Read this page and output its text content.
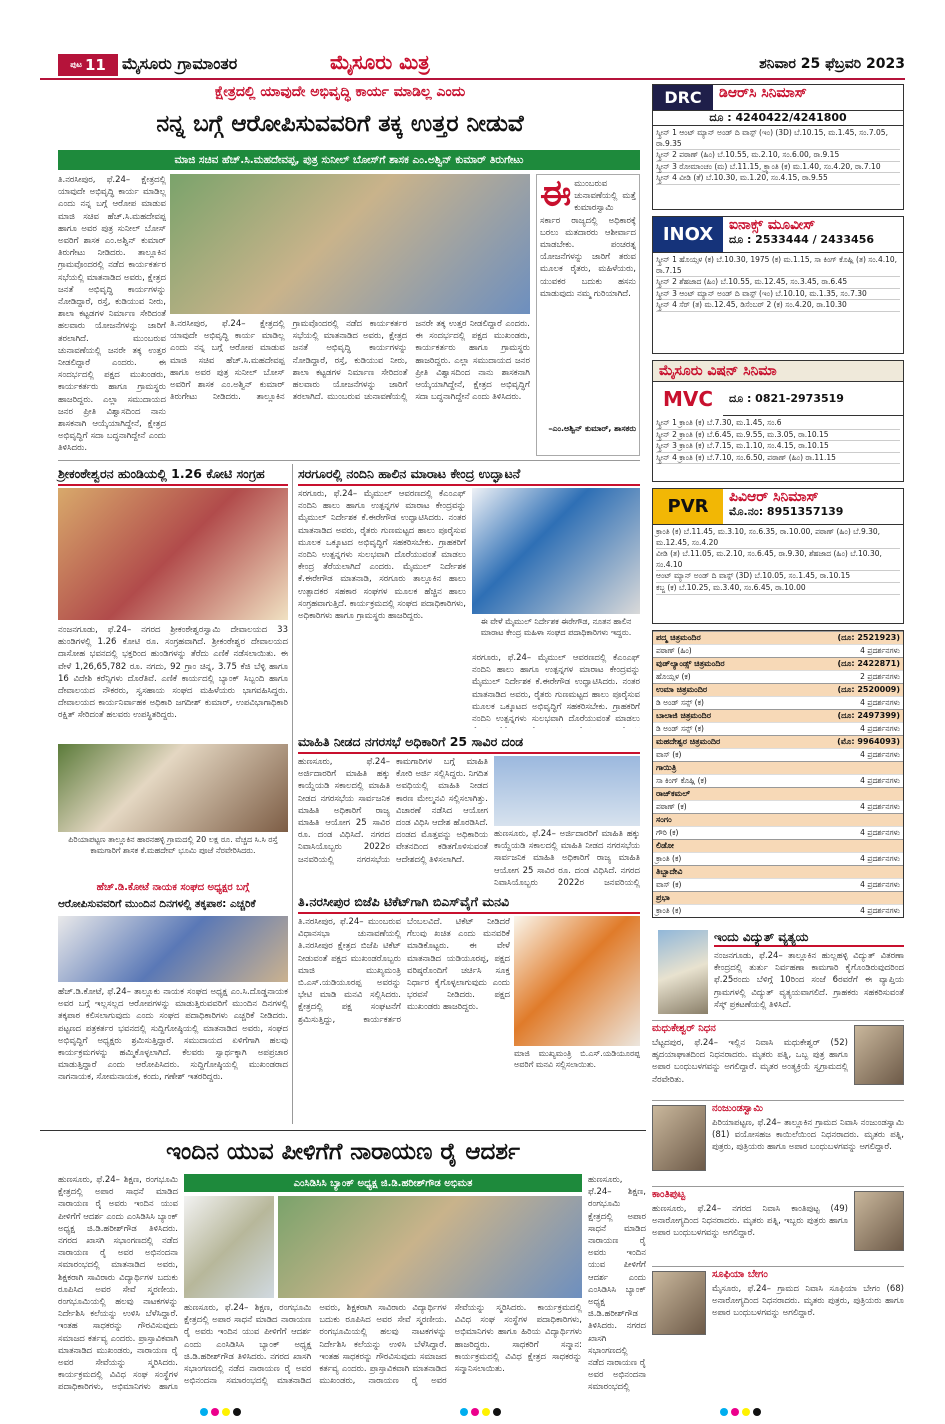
ಪುಟ 11 ಮೈಸೂರು ಗ್ರಾಮಾಂತರ	ಮೈಸೂರು ಮಿತ್ರ	ಶನಿವಾರ 25 ಫೆಬ್ರವರಿ 2023
ಕ್ಷೇತ್ರದಲ್ಲಿ ಯಾವುದೇ ಅಭಿವೃದ್ಧಿ ಕಾರ್ಯ ಮಾಡಿಲ್ಲ ಎಂದು
ನನ್ನ ಬಗ್ಗೆ ಆರೋಪಿಸುವವರಿಗೆ ತಕ್ಕ ಉತ್ತರ ನೀಡುವೆ
ಮಾಜಿ ಸಚಿವ ಹೆಚ್.ಸಿ.ಮಹದೇವಪ್ಪ, ಪುತ್ರ ಸುನೀಲ್ ಬೋಸ್‌ಗೆ ಶಾಸಕ ಎಂ.ಅಶ್ವಿನ್ ಕುಮಾರ್ ತಿರುಗೇಟು
ತಿ.ನರಸೀಪುರ, ಫೆ.24– ಕ್ಷೇತ್ರದಲ್ಲಿ ಯಾವುದೇ ಅಭಿವೃದ್ಧಿ ಕಾರ್ಯ ಮಾಡಿಲ್ಲ ಎಂದು ನನ್ನ ಬಗ್ಗೆ ಆರೋಪ ಮಾಡುವ ಮಾಜಿ ಸಚಿವ ಹೆಚ್.ಸಿ.ಮಹದೇವಪ್ಪ ಹಾಗೂ ಅವರ ಪುತ್ರ ಸುನೀಲ್ ಬೋಸ್ ಅವರಿಗೆ ಶಾಸಕ ಎಂ.ಅಶ್ವಿನ್ ಕುಮಾರ್ ತಿರುಗೇಟು ನೀಡಿದರು. ತಾಲ್ಲೂಕಿನ ಗ್ರಾಮವೊಂದರಲ್ಲಿ ನಡೆದ ಕಾರ್ಯಕರ್ತರ ಸಭೆಯಲ್ಲಿ ಮಾತನಾಡಿದ ಅವರು, ಕ್ಷೇತ್ರದ ಜನತೆ ಅಭಿವೃದ್ಧಿ ಕಾರ್ಯಗಳನ್ನು ನೋಡಿದ್ದಾರೆ, ರಸ್ತೆ, ಕುಡಿಯುವ ನೀರು, ಶಾಲಾ ಕಟ್ಟಡಗಳ ನಿರ್ಮಾಣ ಸೇರಿದಂತೆ ಹಲವಾರು ಯೋಜನೆಗಳನ್ನು ಜಾರಿಗೆ ತರಲಾಗಿದೆ. ಮುಂಬರುವ ಚುನಾವಣೆಯಲ್ಲಿ ಜನರೇ ತಕ್ಕ ಉತ್ತರ ನೀಡಲಿದ್ದಾರೆ ಎಂದರು. ಈ ಸಂದರ್ಭದಲ್ಲಿ ಪಕ್ಷದ ಮುಖಂಡರು, ಕಾರ್ಯಕರ್ತರು ಹಾಗೂ ಗ್ರಾಮಸ್ಥರು ಹಾಜರಿದ್ದರು. ಎಲ್ಲಾ ಸಮುದಾಯದ ಜನರ ಪ್ರೀತಿ ವಿಶ್ವಾಸದಿಂದ ನಾನು ಶಾಸಕನಾಗಿ ಆಯ್ಕೆಯಾಗಿದ್ದೇನೆ, ಕ್ಷೇತ್ರದ ಅಭಿವೃದ್ಧಿಗೆ ಸದಾ ಬದ್ಧನಾಗಿದ್ದೇನೆ ಎಂದು ತಿಳಿಸಿದರು.
ತಿ.ನರಸೀಪುರ, ಫೆ.24– ಕ್ಷೇತ್ರದಲ್ಲಿ ಯಾವುದೇ ಅಭಿವೃದ್ಧಿ ಕಾರ್ಯ ಮಾಡಿಲ್ಲ ಎಂದು ನನ್ನ ಬಗ್ಗೆ ಆರೋಪ ಮಾಡುವ ಮಾಜಿ ಸಚಿವ ಹೆಚ್.ಸಿ.ಮಹದೇವಪ್ಪ ಹಾಗೂ ಅವರ ಪುತ್ರ ಸುನೀಲ್ ಬೋಸ್ ಅವರಿಗೆ ಶಾಸಕ ಎಂ.ಅಶ್ವಿನ್ ಕುಮಾರ್ ತಿರುಗೇಟು ನೀಡಿದರು. ತಾಲ್ಲೂಕಿನ ಗ್ರಾಮವೊಂದರಲ್ಲಿ ನಡೆದ ಕಾರ್ಯಕರ್ತರ ಸಭೆಯಲ್ಲಿ ಮಾತನಾಡಿದ ಅವರು, ಕ್ಷೇತ್ರದ ಜನತೆ ಅಭಿವೃದ್ಧಿ ಕಾರ್ಯಗಳನ್ನು ನೋಡಿದ್ದಾರೆ, ರಸ್ತೆ, ಕುಡಿಯುವ ನೀರು, ಶಾಲಾ ಕಟ್ಟಡಗಳ ನಿರ್ಮಾಣ ಸೇರಿದಂತೆ ಹಲವಾರು ಯೋಜನೆಗಳನ್ನು ಜಾರಿಗೆ ತರಲಾಗಿದೆ. ಮುಂಬರುವ ಚುನಾವಣೆಯಲ್ಲಿ ಜನರೇ ತಕ್ಕ ಉತ್ತರ ನೀಡಲಿದ್ದಾರೆ ಎಂದರು. ಈ ಸಂದರ್ಭದಲ್ಲಿ ಪಕ್ಷದ ಮುಖಂಡರು, ಕಾರ್ಯಕರ್ತರು ಹಾಗೂ ಗ್ರಾಮಸ್ಥರು ಹಾಜರಿದ್ದರು. ಎಲ್ಲಾ ಸಮುದಾಯದ ಜನರ ಪ್ರೀತಿ ವಿಶ್ವಾಸದಿಂದ ನಾನು ಶಾಸಕನಾಗಿ ಆಯ್ಕೆಯಾಗಿದ್ದೇನೆ, ಕ್ಷೇತ್ರದ ಅಭಿವೃದ್ಧಿಗೆ ಸದಾ ಬದ್ಧನಾಗಿದ್ದೇನೆ ಎಂದು ತಿಳಿಸಿದರು.
ಈಮುಂಬರುವ ಚುನಾವಣೆಯಲ್ಲಿ ಮತ್ತೆ ಕುಮಾರಸ್ವಾಮಿ ಸರ್ಕಾರ ರಾಜ್ಯದಲ್ಲಿ ಅಧಿಕಾರಕ್ಕೆ ಬರಲು ಮತದಾರರು ಆಶೀರ್ವಾದ ಮಾಡಬೇಕು. ಪಂಚರತ್ನ ಯೋಜನೆಗಳನ್ನು ಜಾರಿಗೆ ತರುವ ಮೂಲಕ ರೈತರು, ಮಹಿಳೆಯರು, ಯುವಕರ ಬದುಕು ಹಸನು ಮಾಡುವುದು ನಮ್ಮ ಗುರಿಯಾಗಿದೆ.
–ಎಂ.ಅಶ್ವಿನ್ ಕುಮಾರ್, ಶಾಸಕರು
ಶ್ರೀಕಂಠೇಶ್ವರನ ಹುಂಡಿಯಲ್ಲಿ 1.26 ಕೋಟಿ ಸಂಗ್ರಹ
ನಂಜನಗೂಡು, ಫೆ.24– ನಗರದ ಶ್ರೀಕಂಠೇಶ್ವರಸ್ವಾಮಿ ದೇವಾಲಯದ 33 ಹುಂಡಿಗಳಲ್ಲಿ 1.26 ಕೋಟಿ ರೂ. ಸಂಗ್ರಹವಾಗಿದೆ. ಶ್ರೀಕಂಠೇಶ್ವರ ದೇವಾಲಯದ ದಾಸೋಹ ಭವನದಲ್ಲಿ ಭಕ್ತರಿಂದ ಹುಂಡಿಗಳನ್ನು ತೆರೆದು ಎಣಿಕೆ ನಡೆಸಲಾಯಿತು. ಈ ವೇಳೆ 1,26,65,782 ರೂ. ನಗದು, 92 ಗ್ರಾಂ ಚಿನ್ನ, 3.75 ಕೆಜಿ ಬೆಳ್ಳಿ ಹಾಗೂ 16 ವಿದೇಶಿ ಕರೆನ್ಸಿಗಳು ದೊರೆತಿವೆ. ಎಣಿಕೆ ಕಾರ್ಯದಲ್ಲಿ ಬ್ಯಾಂಕ್ ಸಿಬ್ಬಂದಿ ಹಾಗೂ ದೇವಾಲಯದ ನೌಕರರು, ಸ್ವಸಹಾಯ ಸಂಘದ ಮಹಿಳೆಯರು ಭಾಗವಹಿಸಿದ್ದರು. ದೇವಾಲಯದ ಕಾರ್ಯನಿರ್ವಾಹಕ ಅಧಿಕಾರಿ ಜಗದೀಶ್ ಕುಮಾರ್, ಉಪವಿಭಾಗಾಧಿಕಾರಿ ರಕ್ಷಿತ್ ಸೇರಿದಂತೆ ಹಲವರು ಉಪಸ್ಥಿತರಿದ್ದರು.
ಪಿರಿಯಾಪಟ್ಟಣ ತಾಲ್ಲೂಕಿನ ಹಾರನಹಳ್ಳಿ ಗ್ರಾಮದಲ್ಲಿ 20 ಲಕ್ಷ ರೂ. ವೆಚ್ಚದ ಸಿ.ಸಿ ರಸ್ತೆ ಕಾಮಗಾರಿಗೆ ಶಾಸಕ ಕೆ.ಮಹದೇವ್ ಭೂಮಿ ಪೂಜೆ ನೆರವೇರಿಸಿದರು.
ಹೆಚ್.ಡಿ.ಕೋಟೆ ನಾಯಕ ಸಂಘದ ಅಧ್ಯಕ್ಷರ ಬಗ್ಗೆ
ಆರೋಪಿಸುವವರಿಗೆ ಮುಂದಿನ ದಿನಗಳಲ್ಲಿ ತಕ್ಕಪಾಠ: ಎಚ್ಚರಿಕೆ
ಹೆಚ್.ಡಿ.ಕೋಟೆ, ಫೆ.24– ತಾಲ್ಲೂಕು ನಾಯಕ ಸಂಘದ ಅಧ್ಯಕ್ಷ ಎಂ.ಸಿ.ದೊಡ್ಡನಾಯಕ ಅವರ ಬಗ್ಗೆ ಇಲ್ಲಸಲ್ಲದ ಆರೋಪಗಳನ್ನು ಮಾಡುತ್ತಿರುವವರಿಗೆ ಮುಂದಿನ ದಿನಗಳಲ್ಲಿ ತಕ್ಕಪಾಠ ಕಲಿಸಲಾಗುವುದು ಎಂದು ಸಂಘದ ಪದಾಧಿಕಾರಿಗಳು ಎಚ್ಚರಿಕೆ ನೀಡಿದರು. ಪಟ್ಟಣದ ಪತ್ರಕರ್ತರ ಭವನದಲ್ಲಿ ಸುದ್ದಿಗೋಷ್ಠಿಯಲ್ಲಿ ಮಾತನಾಡಿದ ಅವರು, ಸಂಘದ ಅಭಿವೃದ್ಧಿಗೆ ಅಧ್ಯಕ್ಷರು ಶ್ರಮಿಸುತ್ತಿದ್ದಾರೆ. ಸಮುದಾಯದ ಏಳಿಗೆಗಾಗಿ ಹಲವು ಕಾರ್ಯಕ್ರಮಗಳನ್ನು ಹಮ್ಮಿಕೊಳ್ಳಲಾಗಿದೆ. ಕೆಲವರು ಸ್ವಾರ್ಥಕ್ಕಾಗಿ ಅಪಪ್ರಚಾರ ಮಾಡುತ್ತಿದ್ದಾರೆ ಎಂದು ಆರೋಪಿಸಿದರು. ಸುದ್ದಿಗೋಷ್ಠಿಯಲ್ಲಿ ಮುಖಂಡರಾದ ನಾಗನಾಯಕ, ಸೋಮನಾಯಕ, ಕಂದು, ಗಣೇಶ್ ಇತರರಿದ್ದರು.
ಸರಗೂರಲ್ಲಿ ನಂದಿನಿ ಹಾಲಿನ ಮಾರಾಟ ಕೇಂದ್ರ ಉದ್ಘಾಟನೆ
ಸರಗೂರು, ಫೆ.24– ಮೈಮುಲ್ ಆವರಣದಲ್ಲಿ ಕೆಎಂಎಫ್ ನಂದಿನಿ ಹಾಲು ಹಾಗೂ ಉತ್ಪನ್ನಗಳ ಮಾರಾಟ ಕೇಂದ್ರವನ್ನು ಮೈಮುಲ್ ನಿರ್ದೇಶಕ ಕೆ.ಈರೇಗೌಡ ಉದ್ಘಾಟಿಸಿದರು. ನಂತರ ಮಾತನಾಡಿದ ಅವರು, ರೈತರು ಗುಣಮಟ್ಟದ ಹಾಲು ಪೂರೈಸುವ ಮೂಲಕ ಒಕ್ಕೂಟದ ಅಭಿವೃದ್ಧಿಗೆ ಸಹಕರಿಸಬೇಕು. ಗ್ರಾಹಕರಿಗೆ ನಂದಿನಿ ಉತ್ಪನ್ನಗಳು ಸುಲಭವಾಗಿ ದೊರೆಯುವಂತೆ ಮಾಡಲು ಕೇಂದ್ರ ತೆರೆಯಲಾಗಿದೆ ಎಂದರು. ಮೈಮುಲ್ ನಿರ್ದೇಶಕ ಕೆ.ಈರೇಗೌಡ ಮಾತನಾಡಿ, ಸರಗೂರು ತಾಲ್ಲೂಕಿನ ಹಾಲು ಉತ್ಪಾದಕರ ಸಹಕಾರ ಸಂಘಗಳ ಮೂಲಕ ಹೆಚ್ಚಿನ ಹಾಲು ಸಂಗ್ರಹವಾಗುತ್ತಿದೆ. ಕಾರ್ಯಕ್ರಮದಲ್ಲಿ ಸಂಘದ ಪದಾಧಿಕಾರಿಗಳು, ಅಧಿಕಾರಿಗಳು ಹಾಗೂ ಗ್ರಾಮಸ್ಥರು ಹಾಜರಿದ್ದರು.
ಈ ವೇಳೆ ಮೈಮುಲ್ ನಿರ್ದೇಶಕ ಈರೇಗೌಡ, ನೂತನ ಹಾಲಿನ ಮಾರಾಟ ಕೇಂದ್ರ ಮಹಿಳಾ ಸಂಘದ ಪದಾಧಿಕಾರಿಗಳು ಇದ್ದರು.
ಸರಗೂರು, ಫೆ.24– ಮೈಮುಲ್ ಆವರಣದಲ್ಲಿ ಕೆಎಂಎಫ್ ನಂದಿನಿ ಹಾಲು ಹಾಗೂ ಉತ್ಪನ್ನಗಳ ಮಾರಾಟ ಕೇಂದ್ರವನ್ನು ಮೈಮುಲ್ ನಿರ್ದೇಶಕ ಕೆ.ಈರೇಗೌಡ ಉದ್ಘಾಟಿಸಿದರು. ನಂತರ ಮಾತನಾಡಿದ ಅವರು, ರೈತರು ಗುಣಮಟ್ಟದ ಹಾಲು ಪೂರೈಸುವ ಮೂಲಕ ಒಕ್ಕೂಟದ ಅಭಿವೃದ್ಧಿಗೆ ಸಹಕರಿಸಬೇಕು. ಗ್ರಾಹಕರಿಗೆ ನಂದಿನಿ ಉತ್ಪನ್ನಗಳು ಸುಲಭವಾಗಿ ದೊರೆಯುವಂತೆ ಮಾಡಲು
ಮಾಹಿತಿ ನೀಡದ ನಗರಸಭೆ ಅಧಿಕಾರಿಗೆ 25 ಸಾವಿರ ದಂಡ
ಹುಣಸೂರು, ಫೆ.24– ಅರ್ಜಿದಾರರಿಗೆ ಮಾಹಿತಿ ಹಕ್ಕು ಕಾಯ್ದೆಯಡಿ ಸಕಾಲದಲ್ಲಿ ಮಾಹಿತಿ ನೀಡದ ನಗರಸಭೆಯ ಸಾರ್ವಜನಿಕ ಮಾಹಿತಿ ಅಧಿಕಾರಿಗೆ ರಾಜ್ಯ ಮಾಹಿತಿ ಆಯೋಗ 25 ಸಾವಿರ ರೂ. ದಂಡ ವಿಧಿಸಿದೆ. ನಗರದ ನಿವಾಸಿಯೊಬ್ಬರು 2022ರ ಜನವರಿಯಲ್ಲಿ ನಗರಸಭೆಯ ಕಾಮಗಾರಿಗಳ ಬಗ್ಗೆ ಮಾಹಿತಿ ಕೋರಿ ಅರ್ಜಿ ಸಲ್ಲಿಸಿದ್ದರು. ನಿಗದಿತ ಅವಧಿಯಲ್ಲಿ ಮಾಹಿತಿ ನೀಡದ ಕಾರಣ ಮೇಲ್ಮನವಿ ಸಲ್ಲಿಸಲಾಗಿತ್ತು. ವಿಚಾರಣೆ ನಡೆಸಿದ ಆಯೋಗ ದಂಡ ವಿಧಿಸಿ ಆದೇಶ ಹೊರಡಿಸಿದೆ. ದಂಡದ ಮೊತ್ತವನ್ನು ಅಧಿಕಾರಿಯ ವೇತನದಿಂದ ಕಡಿತಗೊಳಿಸುವಂತೆ ಆದೇಶದಲ್ಲಿ ತಿಳಿಸಲಾಗಿದೆ.
ಹುಣಸೂರು, ಫೆ.24– ಅರ್ಜಿದಾರರಿಗೆ ಮಾಹಿತಿ ಹಕ್ಕು ಕಾಯ್ದೆಯಡಿ ಸಕಾಲದಲ್ಲಿ ಮಾಹಿತಿ ನೀಡದ ನಗರಸಭೆಯ ಸಾರ್ವಜನಿಕ ಮಾಹಿತಿ ಅಧಿಕಾರಿಗೆ ರಾಜ್ಯ ಮಾಹಿತಿ ಆಯೋಗ 25 ಸಾವಿರ ರೂ. ದಂಡ ವಿಧಿಸಿದೆ. ನಗರದ ನಿವಾಸಿಯೊಬ್ಬರು 2022ರ ಜನವರಿಯಲ್ಲಿ
ತಿ.ನರಸೀಪುರ ಬಿಜೆಪಿ ಟಿಕೆಟ್‌ಗಾಗಿ ಬಿಎಸ್‌ವೈಗೆ ಮನವಿ
ತಿ.ನರಸೀಪುರ, ಫೆ.24– ಮುಂಬರುವ ವಿಧಾನಸಭಾ ಚುನಾವಣೆಯಲ್ಲಿ ತಿ.ನರಸೀಪುರ ಕ್ಷೇತ್ರದ ಬಿಜೆಪಿ ಟಿಕೆಟ್ ನೀಡುವಂತೆ ಪಕ್ಷದ ಮುಖಂಡರೊಬ್ಬರು ಮಾಜಿ ಮುಖ್ಯಮಂತ್ರಿ ಬಿ.ಎಸ್.ಯಡಿಯೂರಪ್ಪ ಅವರನ್ನು ಭೇಟಿ ಮಾಡಿ ಮನವಿ ಸಲ್ಲಿಸಿದರು. ಕ್ಷೇತ್ರದಲ್ಲಿ ಪಕ್ಷ ಸಂಘಟನೆಗೆ ಶ್ರಮಿಸುತ್ತಿದ್ದು, ಕಾರ್ಯಕರ್ತರ ಬೆಂಬಲವಿದೆ. ಟಿಕೆಟ್ ನೀಡಿದರೆ ಗೆಲುವು ಖಚಿತ ಎಂದು ಮನವರಿಕೆ ಮಾಡಿಕೊಟ್ಟರು. ಈ ವೇಳೆ ಮಾತನಾಡಿದ ಯಡಿಯೂರಪ್ಪ, ಪಕ್ಷದ ವರಿಷ್ಠರೊಂದಿಗೆ ಚರ್ಚಿಸಿ ಸೂಕ್ತ ನಿರ್ಧಾರ ಕೈಗೊಳ್ಳಲಾಗುವುದು ಎಂದು ಭರವಸೆ ನೀಡಿದರು. ಪಕ್ಷದ ಮುಖಂಡರು ಹಾಜರಿದ್ದರು.
ಮಾಜಿ ಮುಖ್ಯಮಂತ್ರಿ ಬಿ.ಎಸ್.ಯಡಿಯೂರಪ್ಪ ಅವರಿಗೆ ಮನವಿ ಸಲ್ಲಿಸಲಾಯಿತು.
DRC	ಡಿಆರ್‌ಸಿ ಸಿನಿಮಾಸ್
ದೂ : 4240422/4241800
ಸ್ಕ್ರೀನ್ 1 ಆಂಟ್ ಮ್ಯಾನ್ ಅಂಡ್ ದಿ ವಾಸ್ಪ್ (ಇಂ) (3D) ಬೆ.10.15, ಮ.1.45, ಸಂ.7.05, ರಾ.9.35
ಸ್ಕ್ರೀನ್ 2 ಪಠಾಣ್ (ಹಿಂ) ಬೆ.10.55, ಮ.2.10, ಸಂ.6.00, ರಾ.9.15
ಸ್ಕ್ರೀನ್ 3 ರೋಮಾಂಚಂ (ಮ) ಬೆ.11.15, ಕ್ರ್ಯಾಂತಿ (ಕ) ಮ.1.40, ಸಂ.4.20, ರಾ.7.10
ಸ್ಕ್ರೀನ್ 4 ವೀಡಿ (ತೆ) ಬೆ.10.30, ಮ.1.20, ಸಂ.4.15, ರಾ.9.55
INOX	ಐನಾಕ್ಸ್ ಮೂವೀಸ್
ದೂ : 2533444 / 2433456
ಸ್ಕ್ರೀನ್ 1 ಹೊಯ್ಸಳ (ಕ) ಬೆ.10.30, 1975 (ಕ) ಮ.1.15, ಸಾ ಕಿಂಗ್ ಕೊಹ್ಲಿ (ತ) ಸಂ.4.10, ರಾ.7.15
ಸ್ಕ್ರೀನ್ 2 ಶೆಹಜಾದ (ಹಿಂ) ಬೆ.10.55, ಮ.12.45, ಸಂ.3.45, ರಾ.6.45
ಸ್ಕ್ರೀನ್ 3 ಆಂಟ್ ಮ್ಯಾನ್ ಅಂಡ್ ದಿ ವಾಸ್ಪ್ (ಇಂ) ಬೆ.10.10, ಮ.1.35, ಸಂ.7.30
ಸ್ಕ್ರೀನ್ 4 ಸೆರ್ (ತ) ಮ.12.45, ಡಿಸೆಂಬರ್ 2 (ಕ) ಸಂ.4.20, ರಾ.10.30
ಮೈಸೂರು ವಿಷನ್ ಸಿನಿಮಾ
MVC	ದೂ : 0821-2973519
ಸ್ಕ್ರೀನ್ 1 ಕ್ರಾಂತಿ (ಕ) ಬೆ.7.30, ಮ.1.45, ಸಂ.6
ಸ್ಕ್ರೀನ್ 2 ಕ್ರಾಂತಿ (ಕ) ಬೆ.6.45, ಮ.9.55, ಮ.3.05, ರಾ.10.15
ಸ್ಕ್ರೀನ್ 3 ಕ್ರಾಂತಿ (ಕ) ಬೆ.7.15, ಮ.1.10, ಸಂ.4.15, ರಾ.10.15
ಸ್ಕ್ರೀನ್ 4 ಕ್ರಾಂತಿ (ಕ) ಬೆ.7.10, ಸಂ.6.50, ಪಠಾಣ್ (ಹಿಂ) ರಾ.11.15
PVR	ಪಿವಿಆರ್ ಸಿನಿಮಾಸ್
ಮೊ.ನಂ: 8951357139
ಕ್ರಾಂತಿ (ಕ) ಬೆ.11.45, ಮ.3.10, ಸಂ.6.35, ರಾ.10.00, ಪಠಾಣ್ (ಹಿಂ) ಬೆ.9.30, ಮ.12.45, ಸಂ.4.20
ವೀಡಿ (ತ) ಬೆ.11.05, ಮ.2.10, ಸಂ.6.45, ರಾ.9.30, ಶೆಹಜಾದ (ಹಿಂ) ಬೆ.10.30, ಸಂ.4.10
ಆಂಟ್ ಮ್ಯಾನ್ ಅಂಡ್ ದಿ ವಾಸ್ಪ್ (3D) ಬೆ.10.05, ಸಂ.1.45, ರಾ.10.15
ಕಬ್ಜ (ಕ) ಬೆ.10.25, ಮ.3.40, ಸಂ.6.45, ರಾ.10.00
ಪದ್ಮ ಚಿತ್ರಮಂದಿರ	(ದೂ: 2521923)
ಪಠಾಣ್ (ಹಿಂ)	4 ಪ್ರದರ್ಶನಗಳು
ವುಡ್‌ಲ್ಯಾಂಡ್ಸ್ ಚಿತ್ರಮಂದಿರ	(ದೂ: 2422871)
ಹೊಯ್ಸಳ (ಕ)	2 ಪ್ರದರ್ಶನಗಳು
ಉಮಾ ಚಿತ್ರಮಂದಿರ	(ದೂ: 2520009)
ಡಿ ಅಂಡ್ ಸನ್ಸ್ (ಕ)	4 ಪ್ರದರ್ಶನಗಳು
ಬಾಲಾಜಿ ಚಿತ್ರಮಂದಿರ	(ದೂ: 2497399)
ಡಿ ಅಂಡ್ ಸನ್ಸ್ (ಕ)	4 ಪ್ರದರ್ಶನಗಳು
ಮಹದೇಶ್ವರ ಚಿತ್ರಮಂದಿರ	(ಮೊ: 9964093)
ವಾಸ್ (ಕ)	4 ಪ್ರದರ್ಶನಗಳು
ಗಾಯಿತ್ರಿ
ಸಾ ಕಿಂಗ್ ಕೊಹ್ಲಿ (ಕ)	4 ಪ್ರದರ್ಶನಗಳು
ರಾಜ್‌ಕಮಲ್
ಪಠಾಣ್ (ಕ)	4 ಪ್ರದರ್ಶನಗಳು
ಸಂಗಂ
ಗೌರಿ (ಕ)	4 ಪ್ರದರ್ಶನಗಳು
ಲಿಡೋ
ಕ್ರಾಂತಿ (ಕ)	4 ಪ್ರದರ್ಶನಗಳು
ತಿಬ್ಬಾದೇವಿ
ವಾಸ್ (ಕ)	4 ಪ್ರದರ್ಶನಗಳು
ಪ್ರಭಾ
ಕ್ರಾಂತಿ (ಕ)	4 ಪ್ರದರ್ಶನಗಳು
ಇಂದು ವಿದ್ಯುತ್ ವ್ಯತ್ಯಯ
ನಂಜನಗೂಡು, ಫೆ.24– ತಾಲ್ಲೂಕಿನ ಹುಲ್ಲಹಳ್ಳಿ ವಿದ್ಯುತ್ ವಿತರಣಾ ಕೇಂದ್ರದಲ್ಲಿ ತುರ್ತು ನಿರ್ವಹಣಾ ಕಾಮಗಾರಿ ಕೈಗೊಂಡಿರುವುದರಿಂದ ಫೆ.25ರಂದು ಬೆಳಿಗ್ಗೆ 10ರಿಂದ ಸಂಜೆ 6ರವರೆಗೆ ಈ ವ್ಯಾಪ್ತಿಯ ಗ್ರಾಮಗಳಲ್ಲಿ ವಿದ್ಯುತ್ ವ್ಯತ್ಯಯವಾಗಲಿದೆ. ಗ್ರಾಹಕರು ಸಹಕರಿಸುವಂತೆ ಸೆಸ್ಕ್ ಪ್ರಕಟಣೆಯಲ್ಲಿ ತಿಳಿಸಿದೆ.
ಮಧುಕೇಶ್ವರ್ ನಿಧನ
ಬೆಟ್ಟದಪುರ, ಫೆ.24– ಇಲ್ಲಿನ ನಿವಾಸಿ ಮಧುಕೇಶ್ವರ್ (52) ಹೃದಯಾಘಾತದಿಂದ ನಿಧನರಾದರು. ಮೃತರು ಪತ್ನಿ, ಒಬ್ಬ ಪುತ್ರ ಹಾಗೂ ಅಪಾರ ಬಂಧುಬಳಗವನ್ನು ಅಗಲಿದ್ದಾರೆ. ಮೃತರ ಅಂತ್ಯಕ್ರಿಯೆ ಸ್ವಗ್ರಾಮದಲ್ಲಿ ನೆರವೇರಿತು.
ನಂಜುಂಡಸ್ವಾಮಿ
ಪಿರಿಯಾಪಟ್ಟಣ, ಫೆ.24– ತಾಲ್ಲೂಕಿನ ಗ್ರಾಮದ ನಿವಾಸಿ ನಂಜುಂಡಸ್ವಾಮಿ (81) ವಯೋಸಹಜ ಕಾಯಿಲೆಯಿಂದ ನಿಧನರಾದರು. ಮೃತರು ಪತ್ನಿ, ಪುತ್ರರು, ಪುತ್ರಿಯರು ಹಾಗೂ ಅಪಾರ ಬಂಧುಬಳಗವನ್ನು ಅಗಲಿದ್ದಾರೆ.
ಕಾಂತಿಪುಟ್ಟ
ಹುಣಸೂರು, ಫೆ.24– ನಗರದ ನಿವಾಸಿ ಕಾಂತಿಪುಟ್ಟ (49) ಅನಾರೋಗ್ಯದಿಂದ ನಿಧನರಾದರು. ಮೃತರು ಪತ್ನಿ, ಇಬ್ಬರು ಪುತ್ರರು ಹಾಗೂ ಅಪಾರ ಬಂಧುಬಳಗವನ್ನು ಅಗಲಿದ್ದಾರೆ.
ಸೂಫಿಯಾ ಬೇಗಂ
ಮೈಸೂರು, ಫೆ.24– ಗ್ರಾಮದ ನಿವಾಸಿ ಸೂಫಿಯಾ ಬೇಗಂ (68) ಅನಾರೋಗ್ಯದಿಂದ ನಿಧನರಾದರು. ಮೃತರು ಪುತ್ರರು, ಪುತ್ರಿಯರು ಹಾಗೂ ಅಪಾರ ಬಂಧುಬಳಗವನ್ನು ಅಗಲಿದ್ದಾರೆ.
ಇಂದಿನ ಯುವ ಪೀಳಿಗೆಗೆ ನಾರಾಯಣ ರೈ ಆದರ್ಶ
ಹುಣಸೂರು, ಫೆ.24– ಶಿಕ್ಷಣ, ರಂಗಭೂಮಿ ಕ್ಷೇತ್ರದಲ್ಲಿ ಅಪಾರ ಸಾಧನೆ ಮಾಡಿದ ನಾರಾಯಣ ರೈ ಅವರು ಇಂದಿನ ಯುವ ಪೀಳಿಗೆಗೆ ಆದರ್ಶ ಎಂದು ಎಂಸಿಡಿಸಿಸಿ ಬ್ಯಾಂಕ್ ಅಧ್ಯಕ್ಷ ಜಿ.ಡಿ.ಹರೀಶ್‌ಗೌಡ ತಿಳಿಸಿದರು. ನಗರದ ಖಾಸಗಿ ಸಭಾಂಗಣದಲ್ಲಿ ನಡೆದ ನಾರಾಯಣ ರೈ ಅವರ ಅಭಿನಂದನಾ ಸಮಾರಂಭದಲ್ಲಿ ಮಾತನಾಡಿದ ಅವರು, ಶಿಕ್ಷಕರಾಗಿ ಸಾವಿರಾರು ವಿದ್ಯಾರ್ಥಿಗಳ ಬದುಕು ರೂಪಿಸಿದ ಅವರ ಸೇವೆ ಸ್ಮರಣೀಯ. ರಂಗಭೂಮಿಯಲ್ಲಿ ಹಲವು ನಾಟಕಗಳನ್ನು ನಿರ್ದೇಶಿಸಿ ಕಲೆಯನ್ನು ಉಳಿಸಿ ಬೆಳೆಸಿದ್ದಾರೆ. ಇಂತಹ ಸಾಧಕರನ್ನು ಗೌರವಿಸುವುದು ಸಮಾಜದ ಕರ್ತವ್ಯ ಎಂದರು. ಪ್ರಾಸ್ತಾವಿಕವಾಗಿ ಮಾತನಾಡಿದ ಮುಖಂಡರು, ನಾರಾಯಣ ರೈ ಅವರ ಸೇವೆಯನ್ನು ಸ್ಮರಿಸಿದರು. ಕಾರ್ಯಕ್ರಮದಲ್ಲಿ ವಿವಿಧ ಸಂಘ ಸಂಸ್ಥೆಗಳ ಪದಾಧಿಕಾರಿಗಳು, ಅಭಿಮಾನಿಗಳು ಹಾಗೂ
ಎಂಸಿಡಿಸಿಸಿ ಬ್ಯಾಂಕ್ ಅಧ್ಯಕ್ಷ ಜಿ.ಡಿ.ಹರೀಶ್‌ಗೌಡ ಅಭಿಮತ
ಹುಣಸೂರು, ಫೆ.24– ಶಿಕ್ಷಣ, ರಂಗಭೂಮಿ ಕ್ಷೇತ್ರದಲ್ಲಿ ಅಪಾರ ಸಾಧನೆ ಮಾಡಿದ ನಾರಾಯಣ ರೈ ಅವರು ಇಂದಿನ ಯುವ ಪೀಳಿಗೆಗೆ ಆದರ್ಶ ಎಂದು ಎಂಸಿಡಿಸಿಸಿ ಬ್ಯಾಂಕ್ ಅಧ್ಯಕ್ಷ ಜಿ.ಡಿ.ಹರೀಶ್‌ಗೌಡ ತಿಳಿಸಿದರು. ನಗರದ ಖಾಸಗಿ ಸಭಾಂಗಣದಲ್ಲಿ ನಡೆದ ನಾರಾಯಣ ರೈ ಅವರ ಅಭಿನಂದನಾ ಸಮಾರಂಭದಲ್ಲಿ ಮಾತನಾಡಿದ ಅವರು, ಶಿಕ್ಷಕರಾಗಿ ಸಾವಿರಾರು ವಿದ್ಯಾರ್ಥಿಗಳ ಬದುಕು ರೂಪಿಸಿದ ಅವರ ಸೇವೆ ಸ್ಮರಣೀಯ. ರಂಗಭೂಮಿಯಲ್ಲಿ ಹಲವು ನಾಟಕಗಳನ್ನು ನಿರ್ದೇಶಿಸಿ ಕಲೆಯನ್ನು ಉಳಿಸಿ ಬೆಳೆಸಿದ್ದಾರೆ. ಇಂತಹ ಸಾಧಕರನ್ನು ಗೌರವಿಸುವುದು ಸಮಾಜದ ಕರ್ತವ್ಯ ಎಂದರು. ಪ್ರಾಸ್ತಾವಿಕವಾಗಿ ಮಾತನಾಡಿದ ಮುಖಂಡರು, ನಾರಾಯಣ ರೈ ಅವರ ಸೇವೆಯನ್ನು ಸ್ಮರಿಸಿದರು. ಕಾರ್ಯಕ್ರಮದಲ್ಲಿ ವಿವಿಧ ಸಂಘ ಸಂಸ್ಥೆಗಳ ಪದಾಧಿಕಾರಿಗಳು, ಅಭಿಮಾನಿಗಳು ಹಾಗೂ ಹಿರಿಯ ವಿದ್ಯಾರ್ಥಿಗಳು ಹಾಜರಿದ್ದರು. ಸಾಧಕರಿಗೆ ಸನ್ಮಾನ: ಕಾರ್ಯಕ್ರಮದಲ್ಲಿ ವಿವಿಧ ಕ್ಷೇತ್ರದ ಸಾಧಕರನ್ನು ಸನ್ಮಾನಿಸಲಾಯಿತು.
ಹುಣಸೂರು, ಫೆ.24– ಶಿಕ್ಷಣ, ರಂಗಭೂಮಿ ಕ್ಷೇತ್ರದಲ್ಲಿ ಅಪಾರ ಸಾಧನೆ ಮಾಡಿದ ನಾರಾಯಣ ರೈ ಅವರು ಇಂದಿನ ಯುವ ಪೀಳಿಗೆಗೆ ಆದರ್ಶ ಎಂದು ಎಂಸಿಡಿಸಿಸಿ ಬ್ಯಾಂಕ್ ಅಧ್ಯಕ್ಷ ಜಿ.ಡಿ.ಹರೀಶ್‌ಗೌಡ ತಿಳಿಸಿದರು. ನಗರದ ಖಾಸಗಿ ಸಭಾಂಗಣದಲ್ಲಿ ನಡೆದ ನಾರಾಯಣ ರೈ ಅವರ ಅಭಿನಂದನಾ ಸಮಾರಂಭದಲ್ಲಿ
